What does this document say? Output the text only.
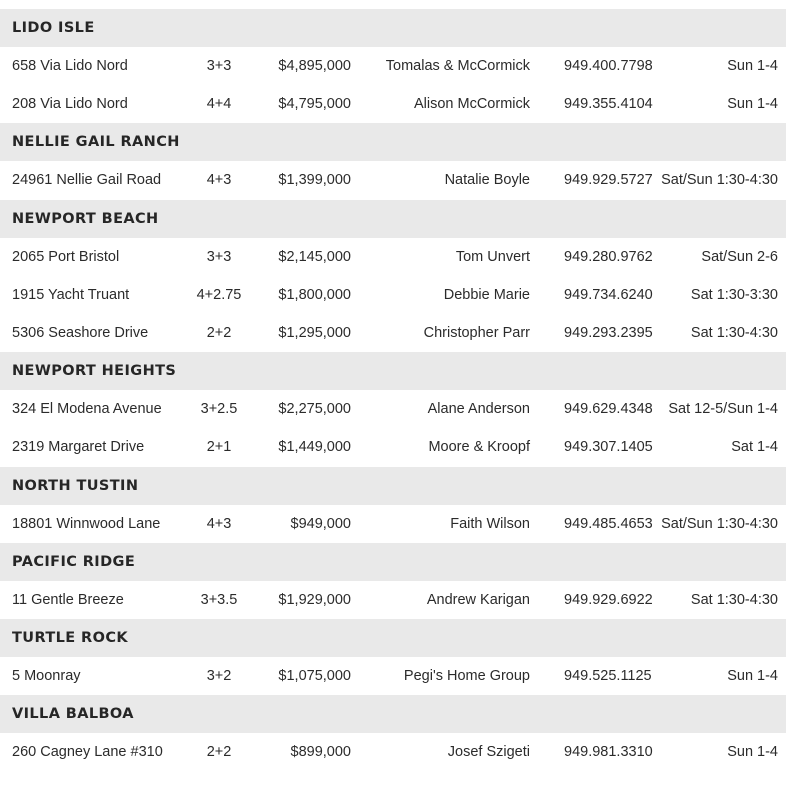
LIDO ISLE
658 Via Lido Nord	3+3	$4,895,000 Tomalas & McCormick 949.400.7798	Sun 1-4
208 Via Lido Nord	4+4	$4,795,000	Alison McCormick 949.355.4104	Sun 1-4
NELLIE GAIL RANCH
24961 Nellie Gail Road	4+3	$1,399,000	Natalie Boyle 949.929.5727 Sat/Sun 1:30-4:30
NEWPORT BEACH
2065 Port Bristol	3+3	$2,145,000	Tom Unvert 949.280.9762	Sat/Sun 2-6
1915 Yacht Truant	4+2.75	$1,800,000	Debbie Marie 949.734.6240	Sat 1:30-3:30
5306 Seashore Drive	2+2	$1,295,000	Christopher Parr 949.293.2395	Sat 1:30-4:30
NEWPORT HEIGHTS
324 El Modena Avenue	3+2.5	$2,275,000	Alane Anderson 949.629.4348 Sat 12-5/Sun 1-4
2319 Margaret Drive	2+1	$1,449,000	Moore & Kroopf 949.307.1405	Sat 1-4
NORTH TUSTIN
18801 Winnwood Lane	4+3	$949,000	Faith Wilson 949.485.4653 Sat/Sun 1:30-4:30
PACIFIC RIDGE
11 Gentle Breeze	3+3.5	$1,929,000	Andrew Karigan 949.929.6922	Sat 1:30-4:30
TURTLE ROCK
5 Moonray	3+2	$1,075,000	Pegi's Home Group 949.525.1125	Sun 1-4
VILLA BALBOA
260 Cagney Lane #310	2+2	$899,000	Josef Szigeti 949.981.3310	Sun 1-4
